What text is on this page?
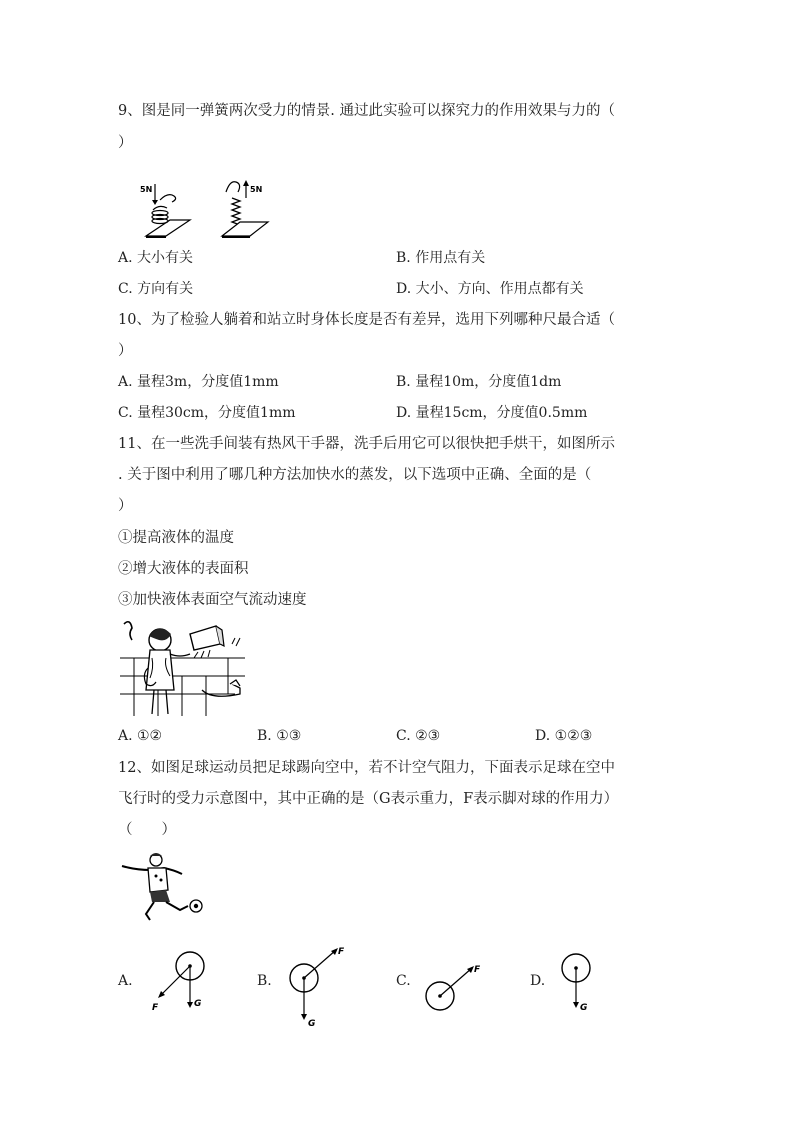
9、图是同一弹簧两次受力的情景. 通过此实验可以探究力的作用效果与力的（
）
5N	5N
A. 大小有关	B. 作用点有关
C. 方向有关	D. 大小、方向、作用点都有关
10、为了检验人躺着和站立时身体长度是否有差异，选用下列哪种尺最合适（
）
A. 量程3m，分度值1mm	B. 量程10m，分度值1dm
C. 量程30cm，分度值1mm	D. 量程15cm，分度值0.5mm
11、在一些洗手间装有热风干手器，洗手后用它可以很快把手烘干，如图所示
. 关于图中利用了哪几种方法加快水的蒸发，以下选项中正确、全面的是（
）
①提高液体的温度
②增大液体的表面积
③加快液体表面空气流动速度
A. ①②	B. ①③	C. ②③	D. ①②③
12、如图足球运动员把足球踢向空中，若不计空气阻力，下面表示足球在空中
飞行时的受力示意图中，其中正确的是（G表示重力，F表示脚对球的作用力）
（　　）
A.	B.	C.	D.
F	G
F
G
F
G
